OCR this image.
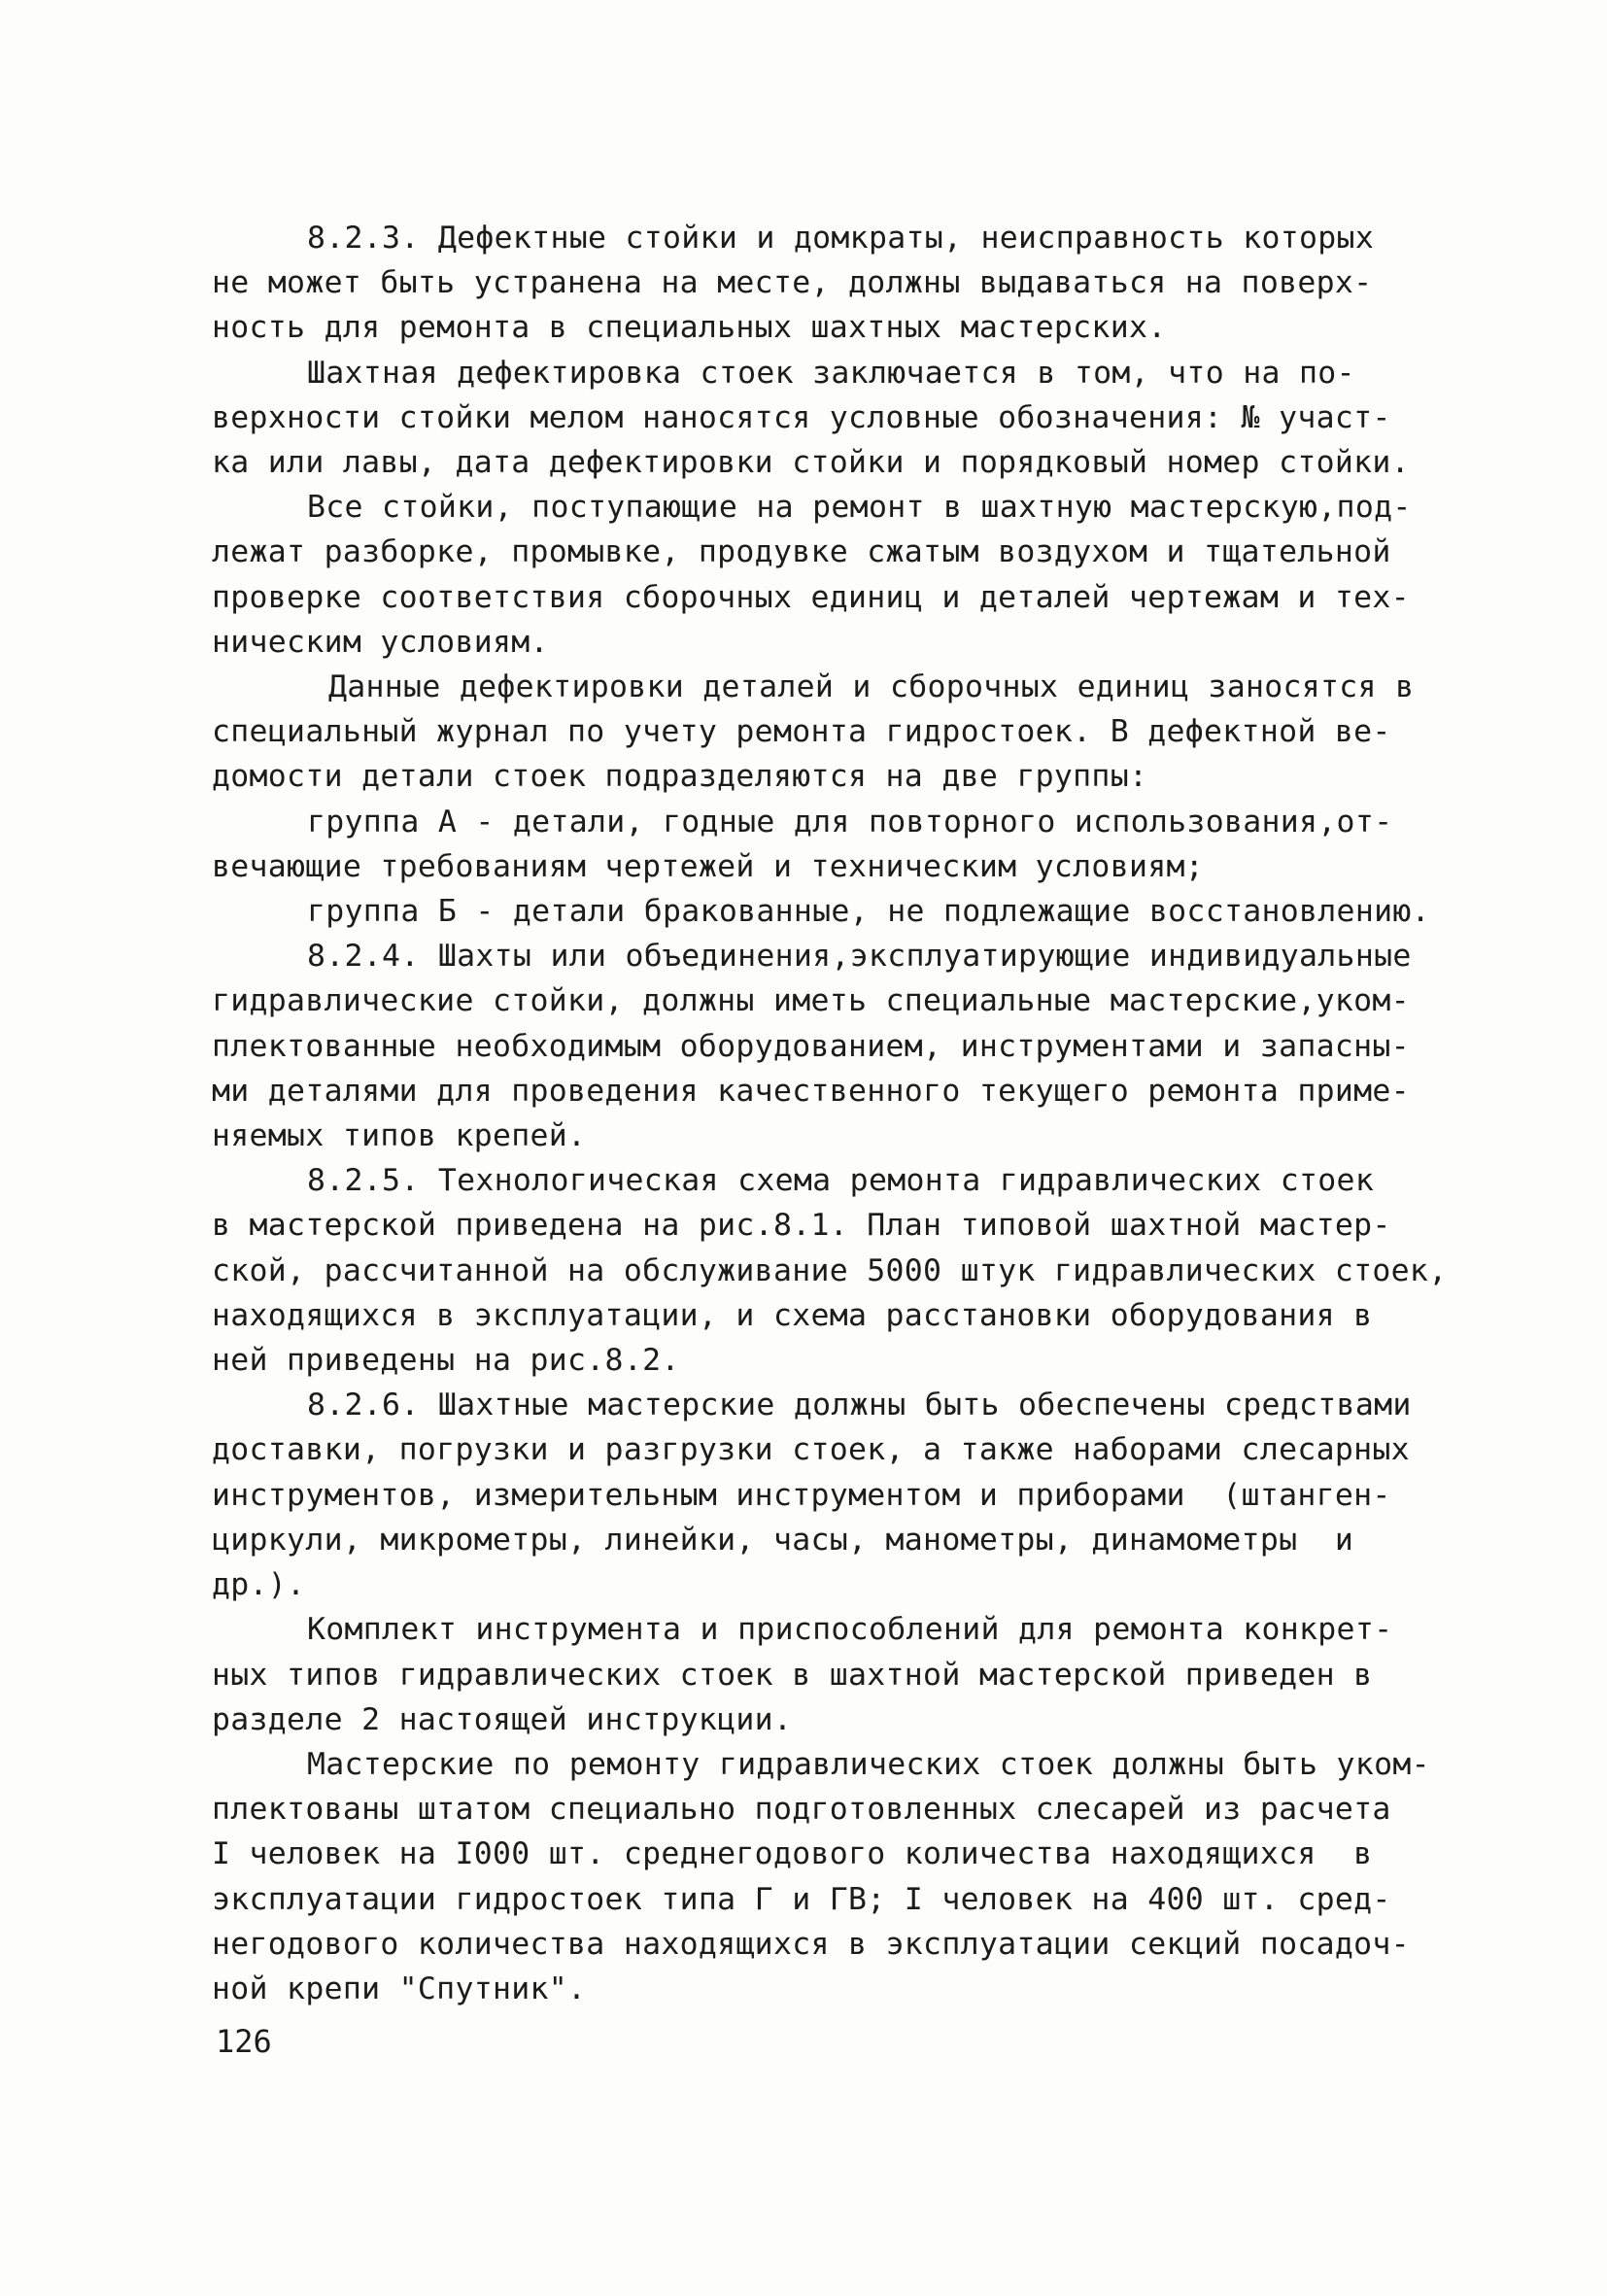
8.2.3. Дефектные стойки и домкраты, неисправность которых
не может быть устранена на месте, должны выдаваться на поверх-
ность для ремонта в специальных шахтных мастерских.
Шахтная дефектировка стоек заключается в том, что на по-
верхности стойки мелом наносятся условные обозначения: № участ-
ка или лавы, дата дефектировки стойки и порядковый номер стойки.
Все стойки, поступающие на ремонт в шахтную мастерскую,под-
лежат разборке, промывке, продувке сжатым воздухом и тщательной
проверке соответствия сборочных единиц и деталей чертежам и тех-
ническим условиям.
Данные дефектировки деталей и сборочных единиц заносятся в
специальный журнал по учету ремонта гидростоек. В дефектной ве-
домости детали стоек подразделяются на две группы:
группа А - детали, годные для повторного использования,от-
вечающие требованиям чертежей и техническим условиям;
группа Б - детали бракованные, не подлежащие восстановлению.
8.2.4. Шахты или объединения,эксплуатирующие индивидуальные
гидравлические стойки, должны иметь специальные мастерские,уком-
плектованные необходимым оборудованием, инструментами и запасны-
ми деталями для проведения качественного текущего ремонта приме-
няемых типов крепей.
8.2.5. Технологическая схема ремонта гидравлических стоек
в мастерской приведена на рис.8.1. План типовой шахтной мастер-
ской, рассчитанной на обслуживание 5000 штук гидравлических стоек,
находящихся в эксплуатации, и схема расстановки оборудования в
ней приведены на рис.8.2.
8.2.6. Шахтные мастерские должны быть обеспечены средствами
доставки, погрузки и разгрузки стоек, а также наборами слесарных
инструментов, измерительным инструментом и приборами  (штанген-
циркули, микрометры, линейки, часы, манометры, динамометры  и
др.).
Комплект инструмента и приспособлений для ремонта конкрет-
ных типов гидравлических стоек в шахтной мастерской приведен в
разделе 2 настоящей инструкции.
Мастерские по ремонту гидравлических стоек должны быть уком-
плектованы штатом специально подготовленных слесарей из расчета
I человек на I000 шт. среднегодового количества находящихся  в
эксплуатации гидростоек типа Г и ГВ; I человек на 400 шт. сред-
негодового количества находящихся в эксплуатации секций посадоч-
ной крепи "Спутник".
126
